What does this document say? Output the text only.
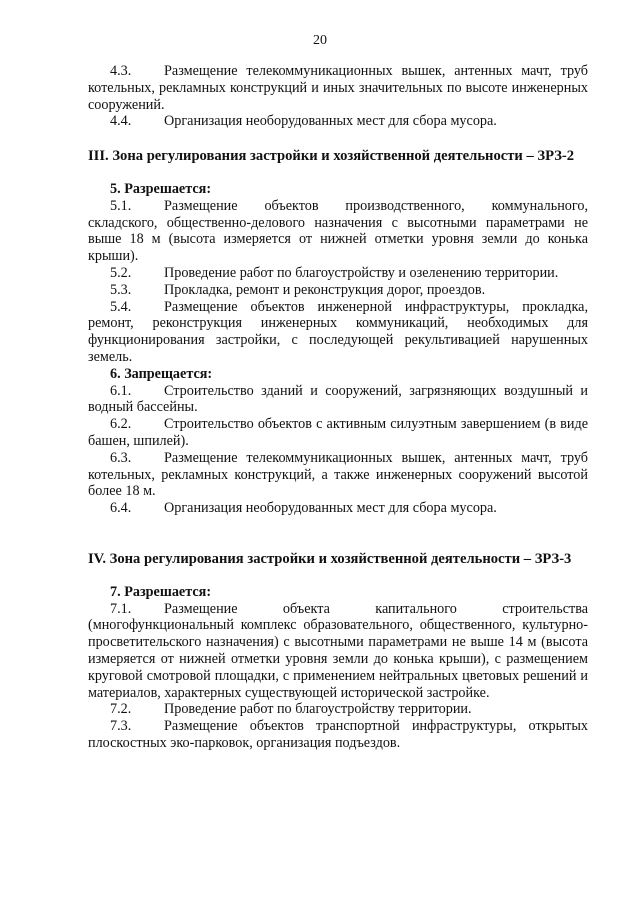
20

4.3. Размещение телекоммуникационных вышек, антенных мачт, труб котельных, рекламных конструкций и иных значительных по высоте инженерных сооружений.

4.4. Организация необорудованных мест для сбора мусора.

III. Зона регулирования застройки и хозяйственной деятельности – ЗРЗ-2

5. Разрешается:

5.1. Размещение объектов производственного, коммунального, складского, общественно-делового назначения с высотными параметрами не выше 18 м (высота измеряется от нижней отметки уровня земли до конька крыши).

5.2. Проведение работ по благоустройству и озеленению территории.

5.3. Прокладка, ремонт и реконструкция дорог, проездов.

5.4. Размещение объектов инженерной инфраструктуры, прокладка, ремонт, реконструкция инженерных коммуникаций, необходимых для функционирования застройки, с последующей рекультивацией нарушенных земель.

6. Запрещается:

6.1. Строительство зданий и сооружений, загрязняющих воздушный и водный бассейны.

6.2. Строительство объектов с активным силуэтным завершением (в виде башен, шпилей).

6.3. Размещение телекоммуникационных вышек, антенных мачт, труб котельных, рекламных конструкций, а также инженерных сооружений высотой более 18 м.

6.4. Организация необорудованных мест для сбора мусора.

IV. Зона регулирования застройки и хозяйственной деятельности – ЗРЗ-3

7. Разрешается:

7.1. Размещение объекта капитального строительства (многофункциональный комплекс образовательного, общественного, культурно-просветительского назначения) с высотными параметрами не выше 14 м (высота измеряется от нижней отметки уровня земли до конька крыши), с размещением круговой смотровой площадки, с применением нейтральных цветовых решений и материалов, характерных существующей исторической застройке.

7.2. Проведение работ по благоустройству территории.

7.3. Размещение объектов транспортной инфраструктуры, открытых плоскостных эко-парковок, организация подъездов.
